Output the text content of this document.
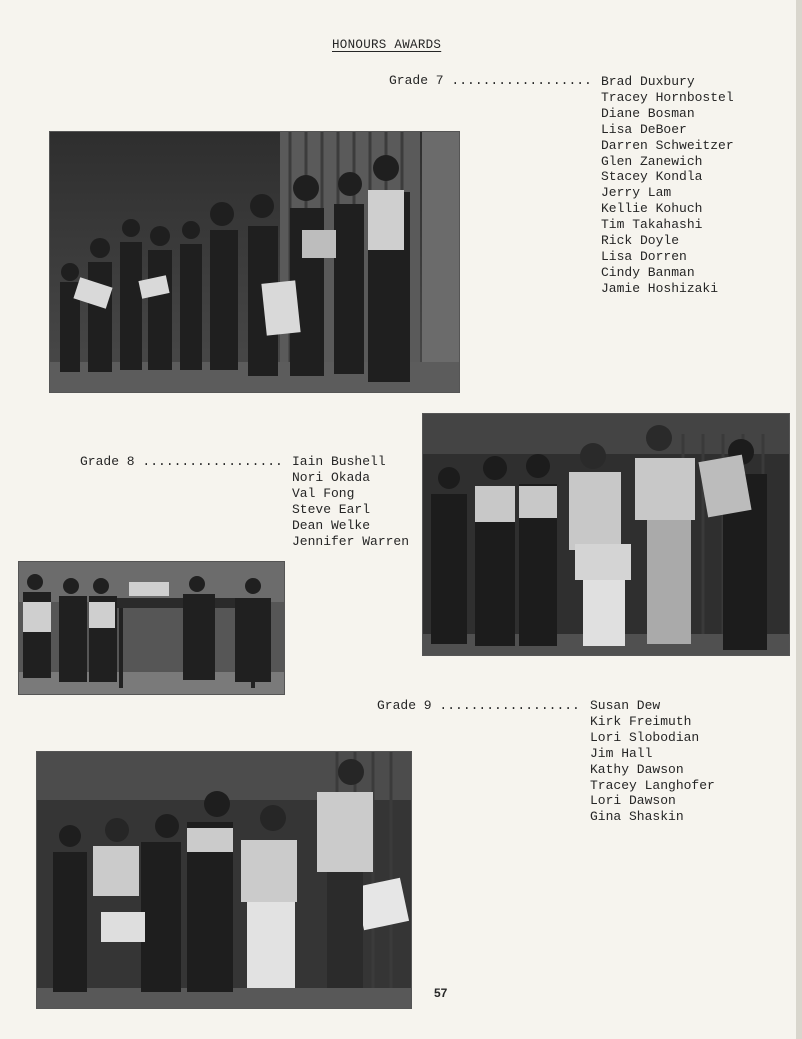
HONOURS AWARDS
Grade 7 .................. Brad Duxbury
Tracey Hornbostel
Diane Bosman
Lisa DeBoer
Darren Schweitzer
Glen Zanewich
Stacey Kondla
Jerry Lam
Kellie Kohuch
Tim Takahashi
Rick Doyle
Lisa Dorren
Cindy Banman
Jamie Hoshizaki
Grade 8 .................. Iain Bushell
Nori Okada
Val Fong
Steve Earl
Dean Welke
Jennifer Warren
Grade 9 .................. Susan Dew
Kirk Freimuth
Lori Slobodian
Jim Hall
Kathy Dawson
Tracey Langhofer
Lori Dawson
Gina Shaskin
57
